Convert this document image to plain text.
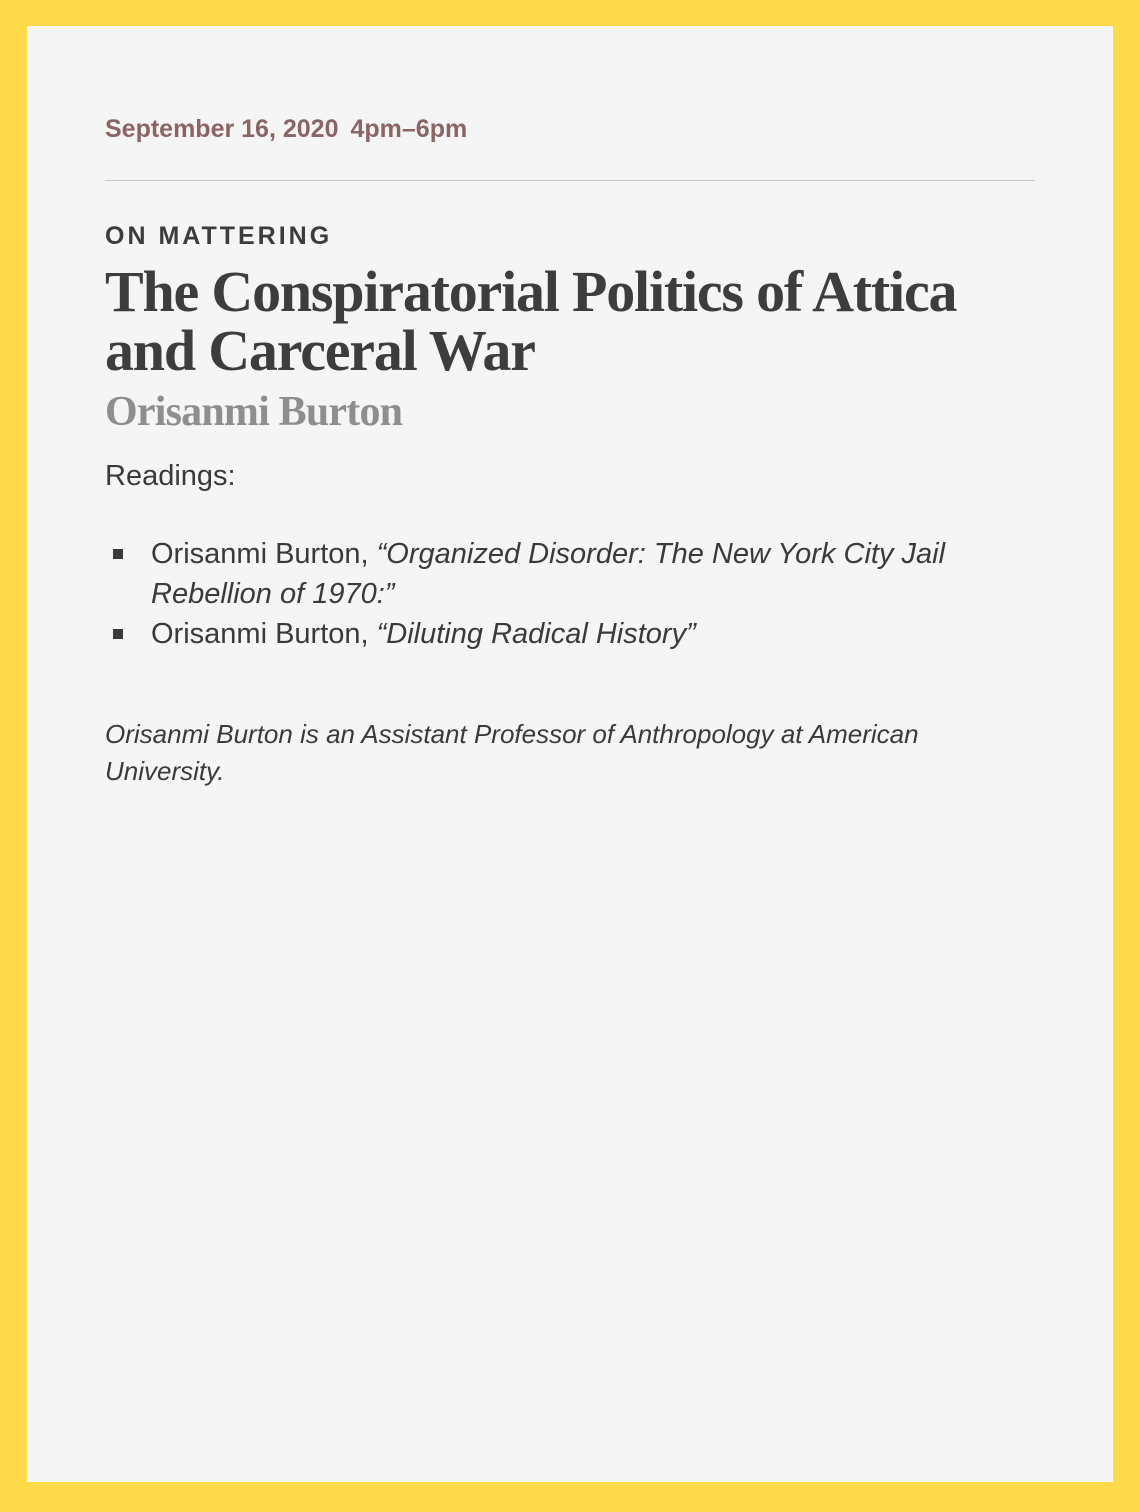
September 16, 2020 4pm–6pm
ON MATTERING
The Conspiratorial Politics of Attica and Carceral War
Orisanmi Burton
Readings:
Orisanmi Burton, “Organized Disorder: The New York City Jail Rebellion of 1970:”
Orisanmi Burton, “Diluting Radical History”

Orisanmi Burton is an Assistant Professor of Anthropology at American University.
